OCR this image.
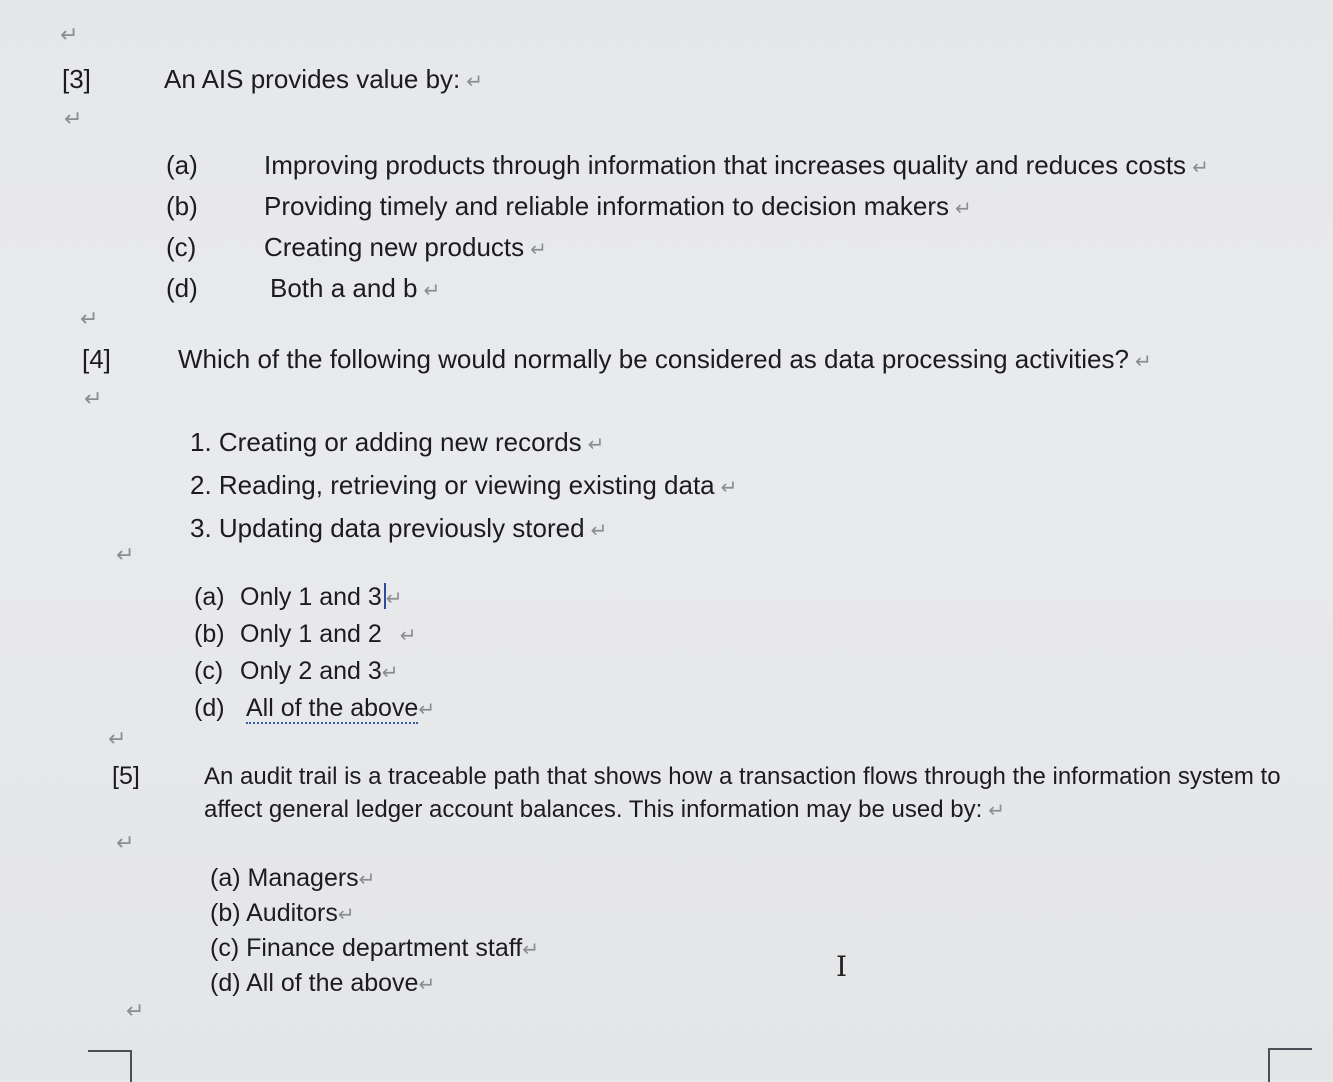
↵
↵
↵
↵
↵
↵
↵
↵
[3]	An AIS provides value by: ↵
(a)	Improving products through information that increases quality and reduces costs ↵
(b)	Providing timely and reliable information to decision makers ↵
(c)	Creating new products ↵
(d)	Both a and b ↵
[4]	Which of the following would normally be considered as data processing activities? ↵
1. Creating or adding new records ↵
2. Reading, retrieving or viewing existing data ↵
3. Updating data previously stored ↵
(a) Only 1 and 3 ↵
(b) Only 1 and 2 ↵
(c) Only 2 and 3↵
(d) All of the above↵
[5]	An audit trail is a traceable path that shows how a transaction flows through the information system to affect general ledger account balances. This information may be used by: ↵
(a) Managers↵
(b) Auditors↵
(c) Finance department staff↵
(d) All of the above↵
I
